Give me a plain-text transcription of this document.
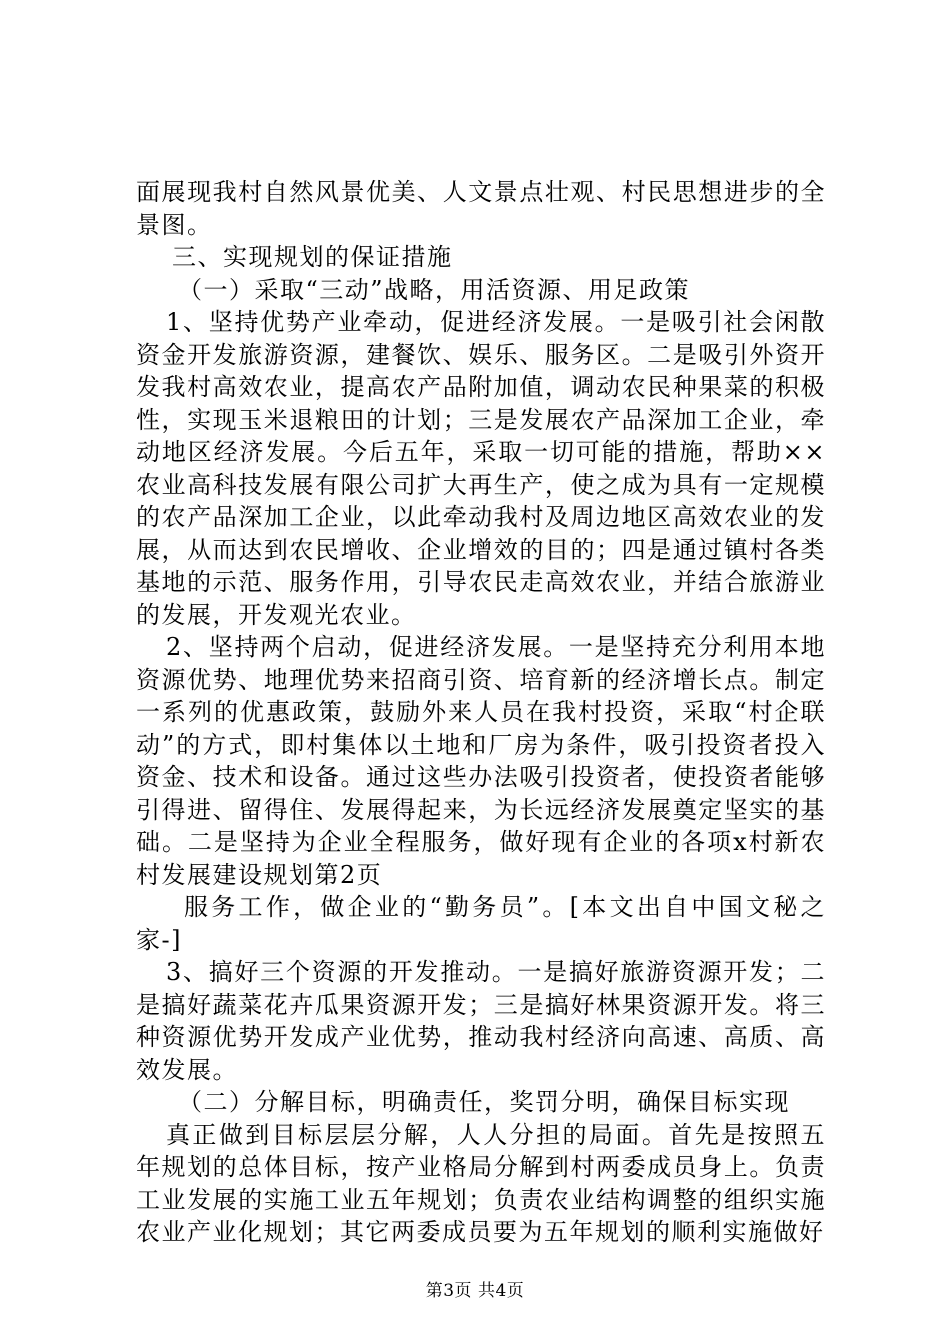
面展现我村自然风景优美、人文景点壮观、村民思想进步的全景图。

三、实现规划的保证措施

（一）采取“三动”战略，用活资源、用足政策

1、坚持优势产业牵动，促进经济发展。一是吸引社会闲散资金开发旅游资源，建餐饮、娱乐、服务区。二是吸引外资开发我村高效农业，提高农产品附加值，调动农民种果菜的积极性，实现玉米退粮田的计划；三是发展农产品深加工企业，牵动地区经济发展。今后五年，采取一切可能的措施，帮助××农业高科技发展有限公司扩大再生产，使之成为具有一定规模的农产品深加工企业，以此牵动我村及周边地区高效农业的发展，从而达到农民增收、企业增效的目的；四是通过镇村各类基地的示范、服务作用，引导农民走高效农业，并结合旅游业的发展，开发观光农业。

2、坚持两个启动，促进经济发展。一是坚持充分利用本地资源优势、地理优势来招商引资、培育新的经济增长点。制定一系列的优惠政策，鼓励外来人员在我村投资，采取“村企联动”的方式，即村集体以土地和厂房为条件，吸引投资者投入资金、技术和设备。通过这些办法吸引投资者，使投资者能够引得进、留得住、发展得起来，为长远经济发展奠定坚实的基础。二是坚持为企业全程服务，做好现有企业的各项x村新农村发展建设规划第2页

服务工作，做企业的“勤务员”。[本文出自中国文秘之家-]

3、搞好三个资源的开发推动。一是搞好旅游资源开发；二是搞好蔬菜花卉瓜果资源开发；三是搞好林果资源开发。将三种资源优势开发成产业优势，推动我村经济向高速、高质、高效发展。

（二）分解目标，明确责任，奖罚分明，确保目标实现

真正做到目标层层分解，人人分担的局面。首先是按照五年规划的总体目标，按产业格局分解到村两委成员身上。负责工业发展的实施工业五年规划；负责农业结构调整的组织实施农业产业化规划；其它两委成员要为五年规划的顺利实施做好

第3页 共4页
